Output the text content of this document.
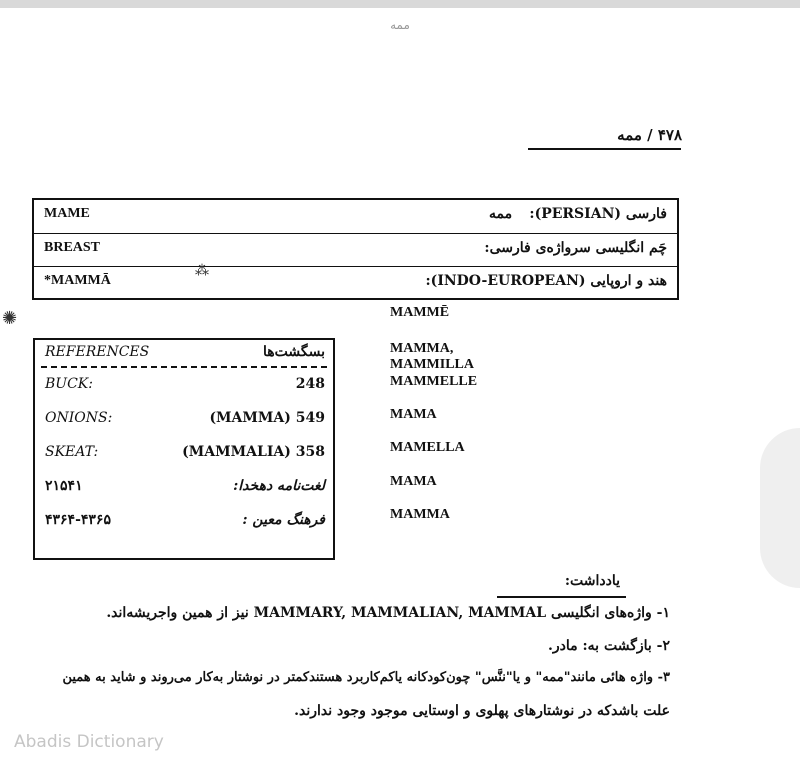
ممه
۴۷۸ / ممه
MAME	ممه فارسی (PERSIAN):
BREAST	چَم انگلیسی سرواژه‌ی فارسی:
*MAMMĀ	هند و اروپایی (INDO-EUROPEAN):
⁂
✺	MAMMĒ
MAMMA, MAMMILLA
MAMMELLE
MAMA
MAMELLA
MAMA
MAMMA
REFERENCES	بسگشت‌ها
BUCK:	248
ONIONS:	(MAMMA) 549
SKEAT:	(MAMMALIA) 358
۲۱۵۴۱	لغت‌نامه دهخدا:
۴۳۶۴-۴۳۶۵	فرهنگ معین :
یادداشت:
۱- واژه‌های انگلیسی MAMMARY, MAMMALIAN, MAMMAL نیز از همین واجریشه‌اند.
۲- بازگشت به: مادر.
۳- واژه هائی مانند"ممه" و یا"ننَّس" چون‌کودکانه یاکم‌کاربرد هستندکمتر در نوشتار به‌کار می‌روند و شاید به همین
علت باشدکه در نوشتارهای پهلوی و اوستایی موجود وجود ندارند.
Abadis Dictionary
